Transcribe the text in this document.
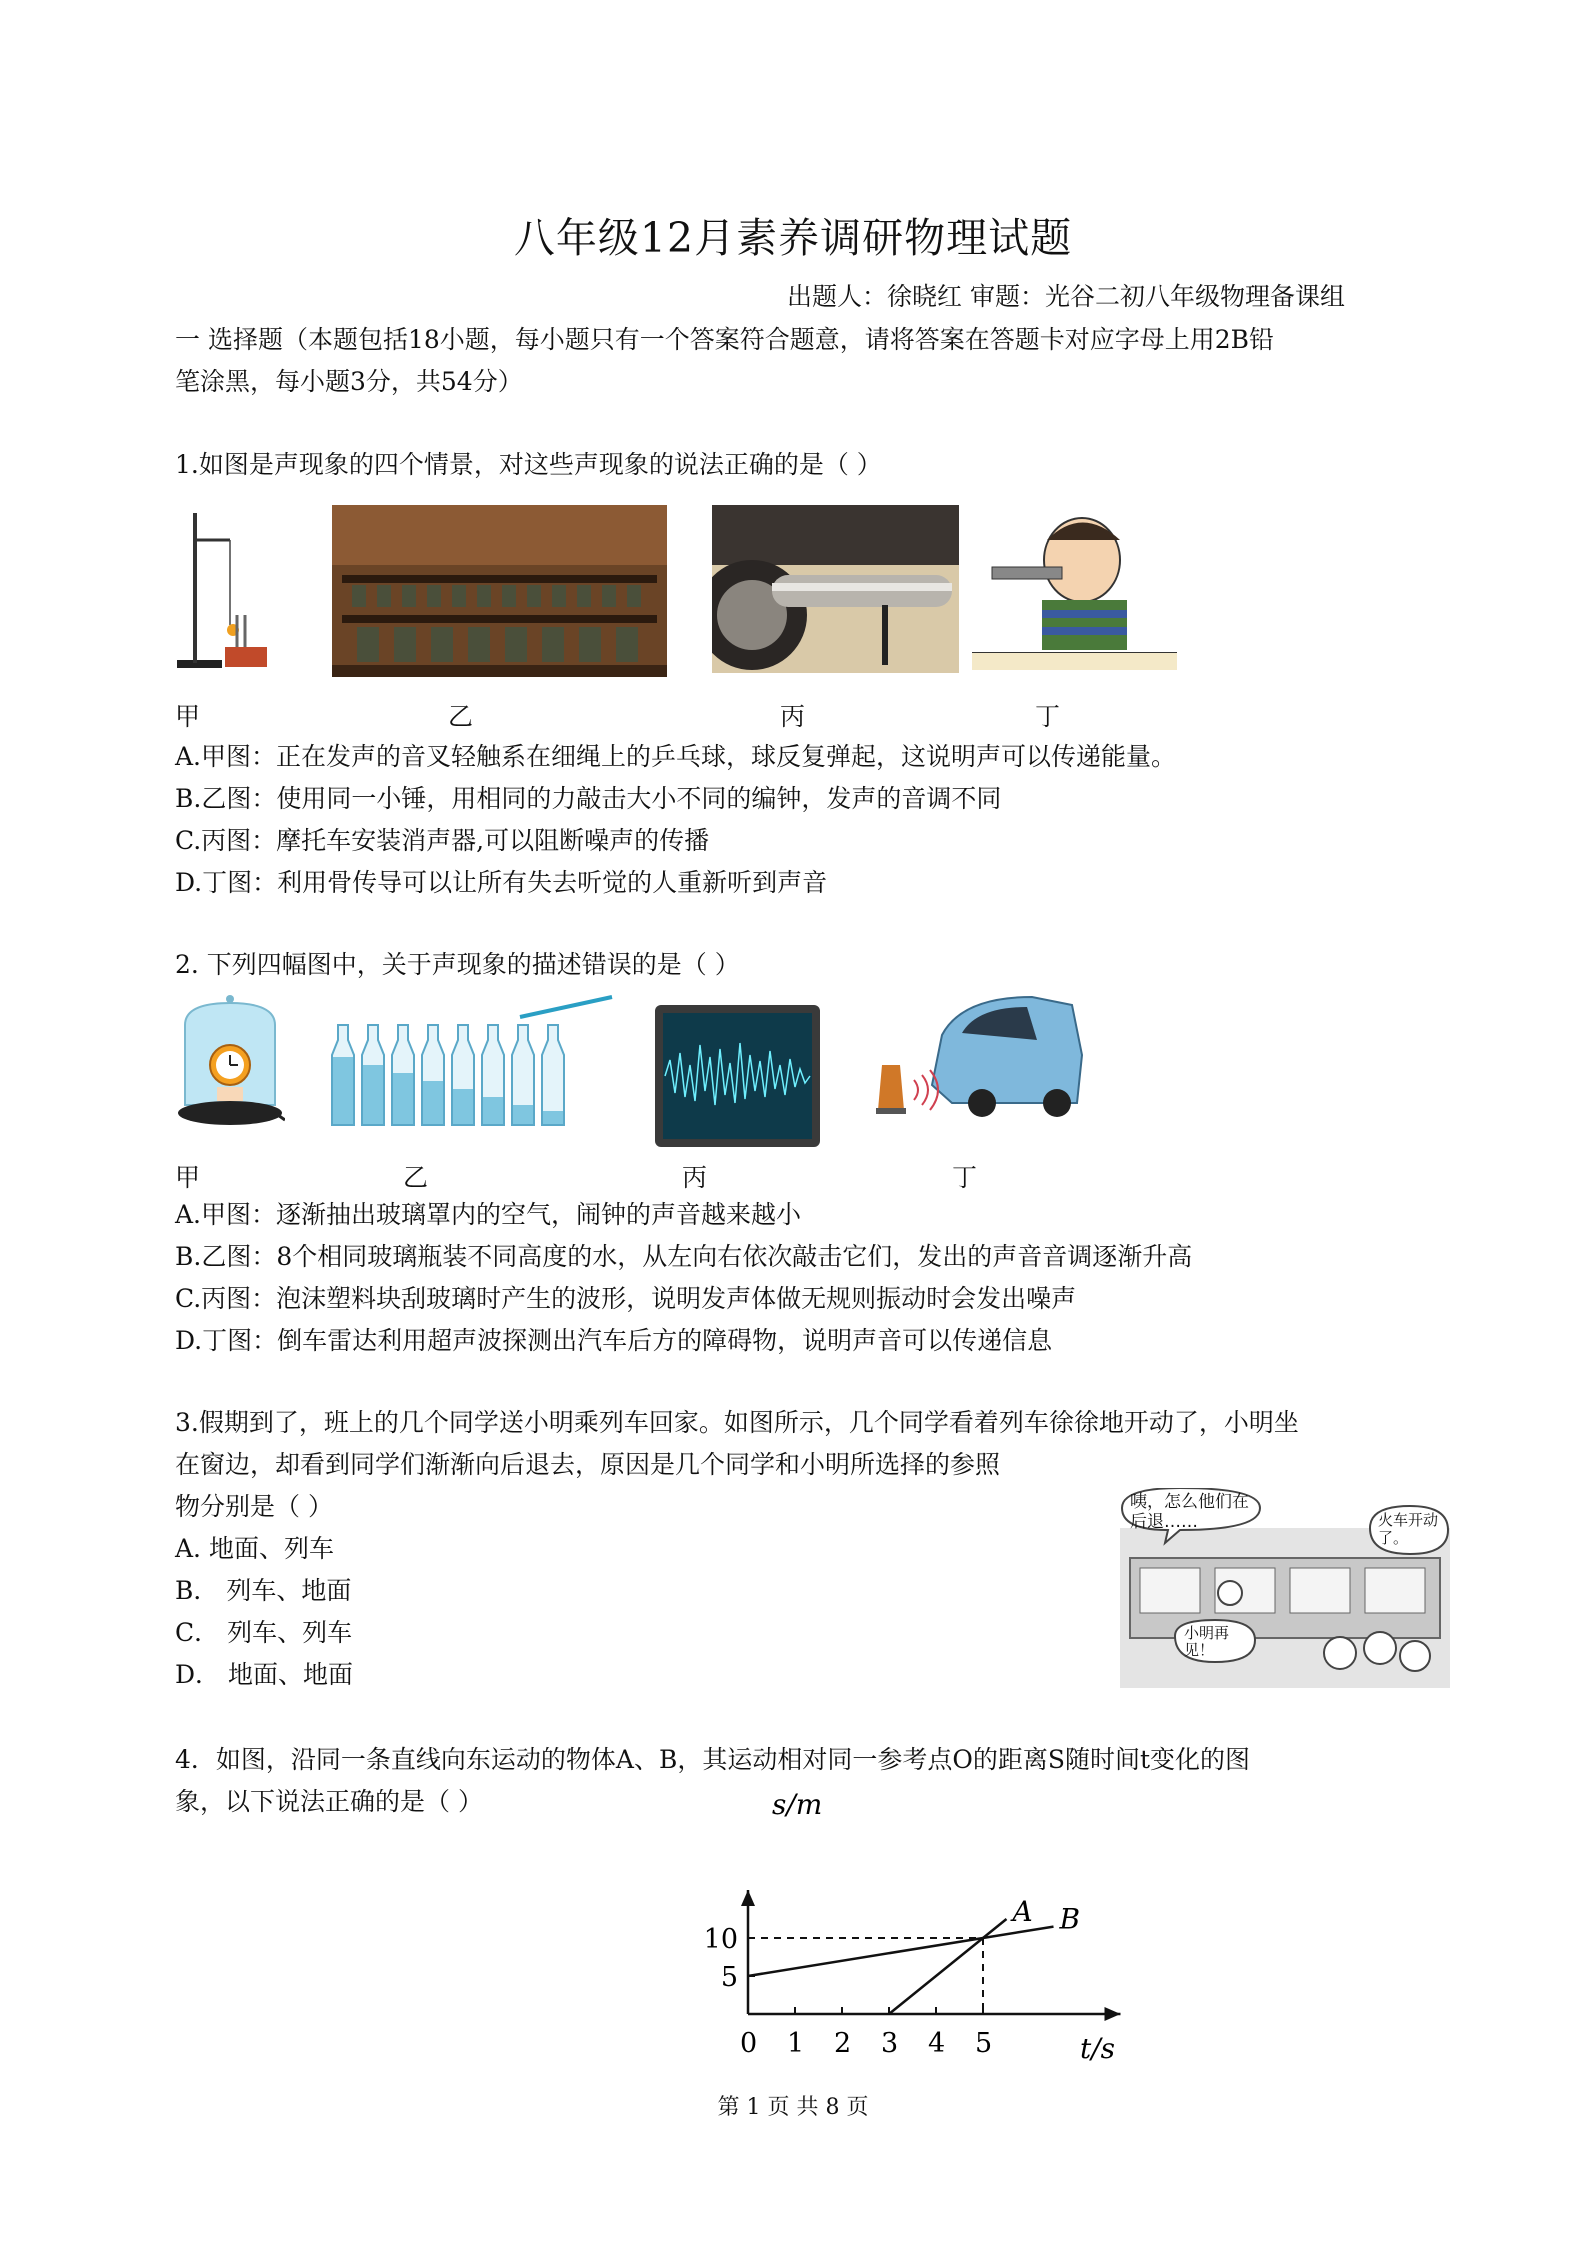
八年级12月素养调研物理试题
出题人：徐晓红 审题：光谷二初八年级物理备课组
一 选择题（本题包括18小题，每小题只有一个答案符合题意，请将答案在答题卡对应字母上用2B铅
笔涂黑，每小题3分，共54分）
1.如图是声现象的四个情景，对这些声现象的说法正确的是（ ）
甲	乙	丙	丁
A.甲图：正在发声的音叉轻触系在细绳上的乒乓球，球反复弹起，这说明声可以传递能量。
B.乙图：使用同一小锤，用相同的力敲击大小不同的编钟，发声的音调不同
C.丙图：摩托车安装消声器,可以阻断噪声的传播
D.丁图：利用骨传导可以让所有失去听觉的人重新听到声音
2. 下列四幅图中，关于声现象的描述错误的是（ ）
甲	乙	丙	丁
A.甲图：逐渐抽出玻璃罩内的空气，闹钟的声音越来越小
B.乙图：8个相同玻璃瓶装不同高度的水，从左向右依次敲击它们，发出的声音音调逐渐升高
C.丙图：泡沫塑料块刮玻璃时产生的波形，说明发声体做无规则振动时会发出噪声
D.丁图：倒车雷达利用超声波探测出汽车后方的障碍物，说明声音可以传递信息
3.假期到了，班上的几个同学送小明乘列车回家。如图所示，几个同学看着列车徐徐地开动了，小明坐
在窗边，却看到同学们渐渐向后退去，原因是几个同学和小明所选择的参照
物分别是（ ）
A. 地面、列车
B． 列车、地面
C． 列车、列车
D． 地面、地面
咦，怎么他们在后退……	火车开动了。
小明再见！
4．如图，沿同一条直线向东运动的物体A、B，其运动相对同一参考点O的距离S随时间t变化的图
象，以下说法正确的是（ ）
A B
0 1 2 3 4 5
5
10
s/m
t/s
第 1 页 共 8 页
